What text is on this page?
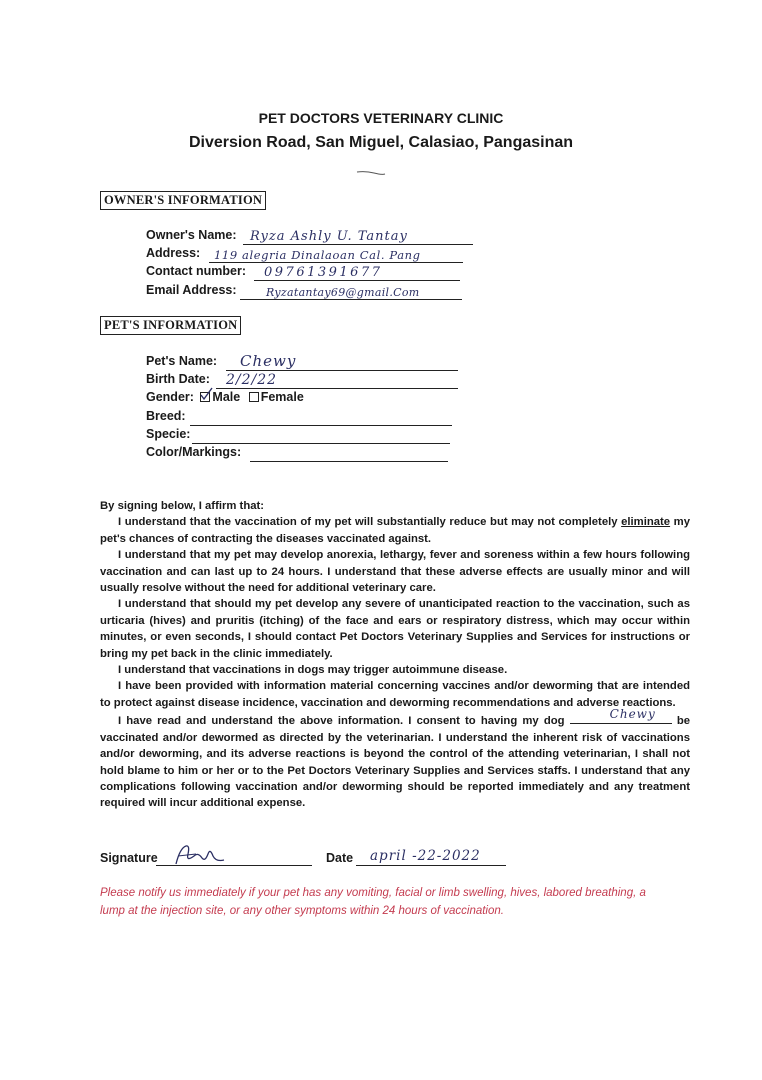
PET DOCTORS VETERINARY CLINIC
Diversion Road, San Miguel, Calasiao, Pangasinan
OWNER'S INFORMATION
Owner's Name: Ryza Ashly U. Tantay
Address: 119 alegria Dinalaoan Cal. Pang
Contact number: 09761391677
Email Address:	Ryzatantay69@gmail.Com
PET'S INFORMATION
Pet's Name: Chewy
Birth Date: 2/2/22
Gender: Male Female
Breed:
Specie:
Color/Markings:

By signing below, I affirm that:

I understand that the vaccination of my pet will substantially reduce but may not completely eliminate my pet's chances of contracting the diseases vaccinated against.

I understand that my pet may develop anorexia, lethargy, fever and soreness within a few hours following vaccination and can last up to 24 hours. I understand that these adverse effects are usually minor and will usually resolve without the need for additional veterinary care.

I understand that should my pet develop any severe of unanticipated reaction to the vaccination, such as urticaria (hives) and pruritis (itching) of the face and ears or respiratory distress, which may occur within minutes, or even seconds, I should contact Pet Doctors Veterinary Supplies and Services for instructions or bring my pet back in the clinic immediately.

I understand that vaccinations in dogs may trigger autoimmune disease.

I have been provided with information material concerning vaccines and/or deworming that are intended to protect against disease incidence, vaccination and deworming recommendations and adverse reactions.

I have read and understand the above information. I consent to having my dog
Chewy
be vaccinated and/or dewormed as directed by the veterinarian. I understand the inherent risk of vaccinations and/or deworming, and its adverse reactions is beyond the control of the attending veterinarian, I shall not hold blame to him or her or to the Pet Doctors Veterinary Supplies and Services staffs. I understand that any complications following vaccination and/or deworming should be reported immediately and any treatment required will incur additional expense.

Signature	Date april -22-2022
Please notify us immediately if your pet has any vomiting, facial or limb swelling, hives, labored breathing, a lump at the injection site, or any other symptoms within 24 hours of vaccination.
